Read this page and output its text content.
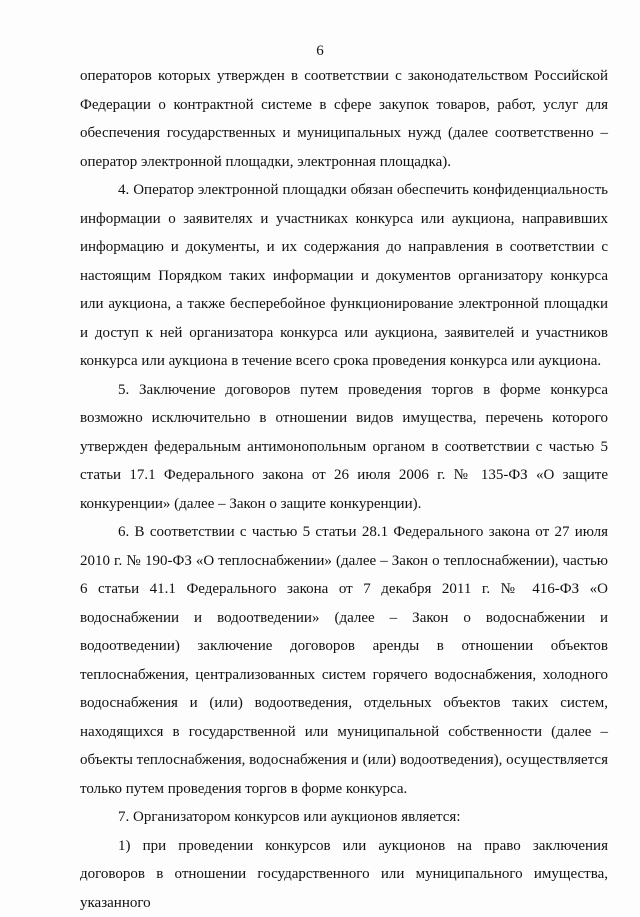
6

операторов которых утвержден в соответствии с законодательством Российской Федерации о контрактной системе в сфере закупок товаров, работ, услуг для обеспечения государственных и муниципальных нужд (далее соответственно – оператор электронной площадки, электронная площадка).

4. Оператор электронной площадки обязан обеспечить конфиденциальность информации о заявителях и участниках конкурса или аукциона, направивших информацию и документы, и их содержания до направления в соответствии с настоящим Порядком таких информации и документов организатору конкурса или аукциона, а также бесперебойное функционирование электронной площадки и доступ к ней организатора конкурса или аукциона, заявителей и участников конкурса или аукциона в течение всего срока проведения конкурса или аукциона.

5. Заключение договоров путем проведения торгов в форме конкурса возможно исключительно в отношении видов имущества, перечень которого утвержден федеральным антимонопольным органом в соответствии с частью 5 статьи 17.1 Федерального закона от 26 июля 2006 г. № 135-ФЗ «О защите конкуренции» (далее – Закон о защите конкуренции).

6. В соответствии с частью 5 статьи 28.1 Федерального закона от 27 июля 2010 г. № 190-ФЗ «О теплоснабжении» (далее – Закон о теплоснабжении), частью 6 статьи 41.1 Федерального закона от 7 декабря 2011 г. № 416-ФЗ «О водоснабжении и водоотведении» (далее – Закон о водоснабжении и водоотведении) заключение договоров аренды в отношении объектов теплоснабжения, централизованных систем горячего водоснабжения, холодного водоснабжения и (или) водоотведения, отдельных объектов таких систем, находящихся в государственной или муниципальной собственности (далее – объекты теплоснабжения, водоснабжения и (или) водоотведения), осуществляется только путем проведения торгов в форме конкурса.

7. Организатором конкурсов или аукционов является:

1) при проведении конкурсов или аукционов на право заключения договоров в отношении государственного или муниципального имущества, указанного
